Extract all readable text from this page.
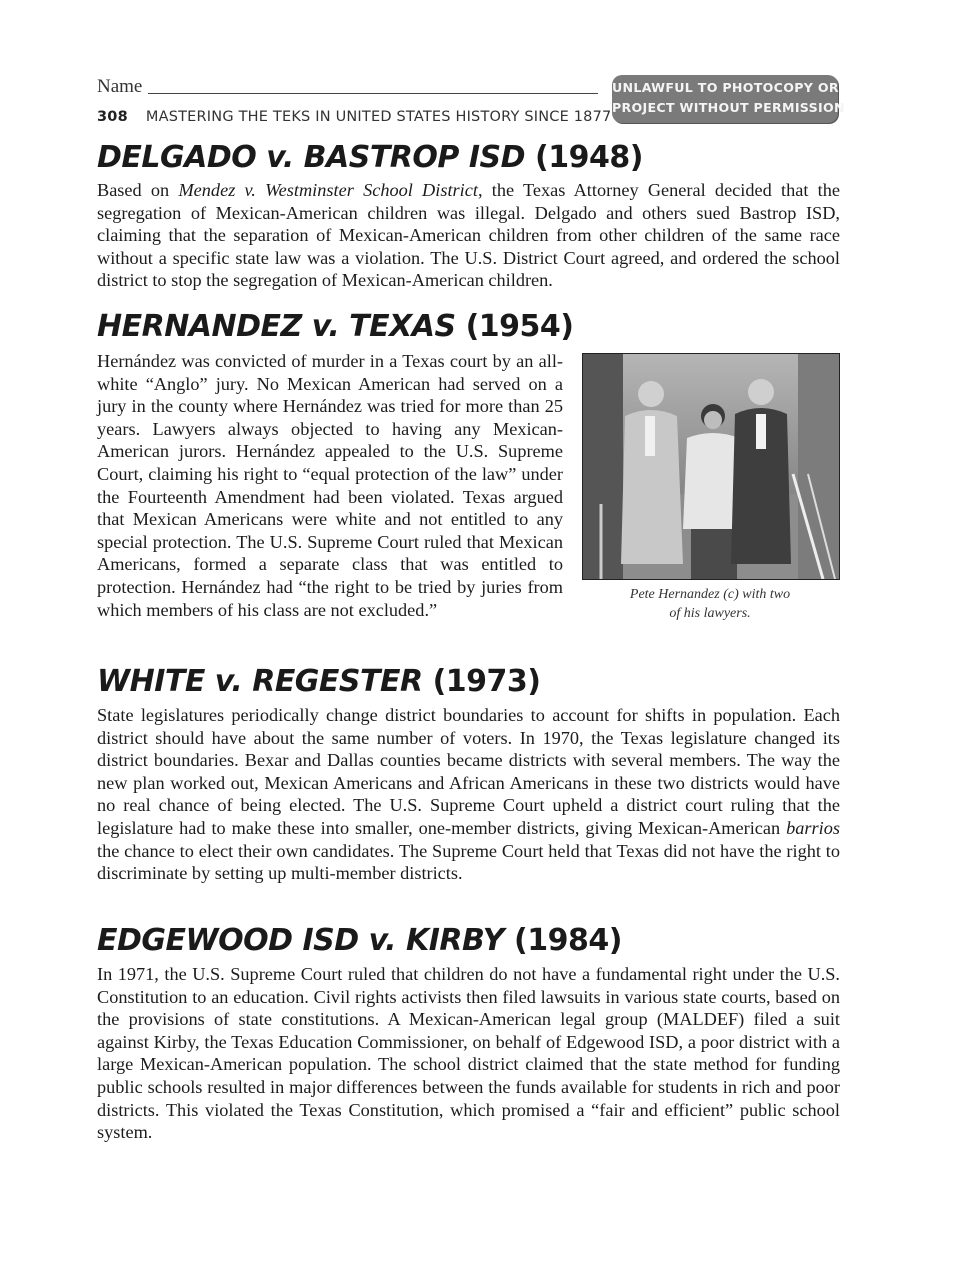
Name
308 MASTERING THE TEKS IN UNITED STATES HISTORY SINCE 1877
UNLAWFUL TO PHOTOCOPY OR
PROJECT WITHOUT PERMISSION
DELGADO v. BASTROP ISD (1948)
Based on Mendez v. Westminster School District, the Texas Attorney General decided that the segregation of Mexican-American children was illegal. Delgado and others sued Bastrop ISD, claiming that the separation of Mexican-American children from other children of the same race without a specific state law was a violation. The U.S. District Court agreed, and ordered the school district to stop the segregation of Mexican-American children.
HERNANDEZ v. TEXAS (1954)
Hernández was convicted of murder in a Texas court by an all-white “Anglo” jury. No Mexican American had served on a jury in the county where Hernández was tried for more than 25 years. Lawyers always objected to having any Mexican-American jurors. Hernández appealed to the U.S. Supreme Court, claiming his right to “equal protection of the law” under the Fourteenth Amendment had been violated. Texas argued that Mexican Americans were white and not entitled to any special protection. The U.S. Supreme Court ruled that Mexican Americans, formed a separate class that was entitled to protection. Hernández had “the right to be tried by juries from which members of his class are not excluded.”
Pete Hernandez (c) with two
of his lawyers.
WHITE v. REGESTER (1973)
State legislatures periodically change district boundaries to account for shifts in population. Each district should have about the same number of voters. In 1970, the Texas legislature changed its district boundaries. Bexar and Dallas counties became districts with several members. The way the new plan worked out, Mexican Americans and African Americans in these two districts would have no real chance of being elected. The U.S. Supreme Court upheld a district court ruling that the legislature had to make these into smaller, one-member districts, giving Mexican-American barrios the chance to elect their own candidates. The Supreme Court held that Texas did not have the right to discriminate by setting up multi-member districts.
EDGEWOOD ISD v. KIRBY (1984)
In 1971, the U.S. Supreme Court ruled that children do not have a fundamental right under the U.S. Constitution to an education. Civil rights activists then filed lawsuits in various state courts, based on the provisions of state constitutions. A Mexican-American legal group (MALDEF) filed a suit against Kirby, the Texas Education Commissioner, on behalf of Edgewood ISD, a poor district with a large Mexican-American population. The school district claimed that the state method for funding public schools resulted in major differences between the funds available for students in rich and poor districts. This violated the Texas Constitution, which promised a “fair and efficient” public school system.
